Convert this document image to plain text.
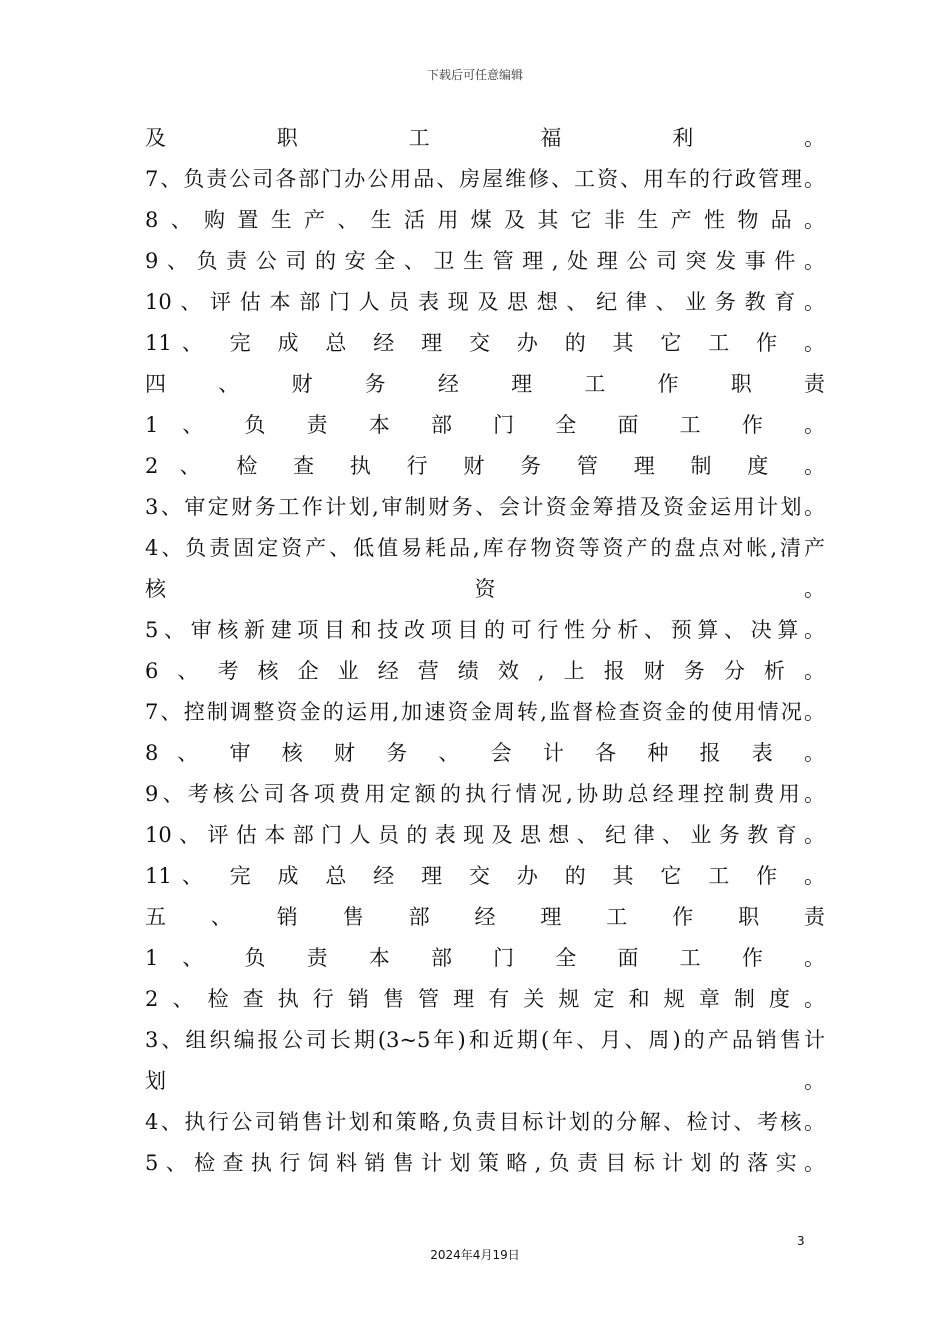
下载后可任意编辑
及 职 工 福 利 。
7、负责公司各部门办公用品、房屋维修、工资、用车的行政管理。
8、购置生产、生活用煤及其它非生产性物品。
9、负责公司的安全、卫生管理,处理公司突发事件。
10、评估本部门人员表现及思想、纪律、业务教育。
11、 完 成 总 经 理 交 办 的 其 它 工 作 。
四 、 财 务 经 理 工 作 职 责
1 、 负 责 本 部 门 全 面 工 作 。
2 、 检 查 执 行 财 务 管 理 制 度 。
3、审定财务工作计划,审制财务、会计资金筹措及资金运用计划。
4、负责固定资产、低值易耗品,库存物资等资产的盘点对帐,清产
核 资 。
5、审核新建项目和技改项目的可行性分析、预算、决算。
6、考核企业经营绩效,上报财务分析。
7、控制调整资金的运用,加速资金周转,监督检查资金的使用情况。
8 、 审 核 财 务 、 会 计 各 种 报 表 。
9、考核公司各项费用定额的执行情况,协助总经理控制费用。
10、评估本部门人员的表现及思想、纪律、业务教育。
11、 完 成 总 经 理 交 办 的 其 它 工 作 。
五 、 销 售 部 经 理 工 作 职 责
1 、 负 责 本 部 门 全 面 工 作 。
2、检查执行销售管理有关规定和规章制度。
3、组织编报公司长期(3~5年)和近期(年、月、周)的产品销售计
划 。
4、执行公司销售计划和策略,负责目标计划的分解、检讨、考核。
5、检查执行饲料销售计划策略,负责目标计划的落实。
3
2024年4月19日
